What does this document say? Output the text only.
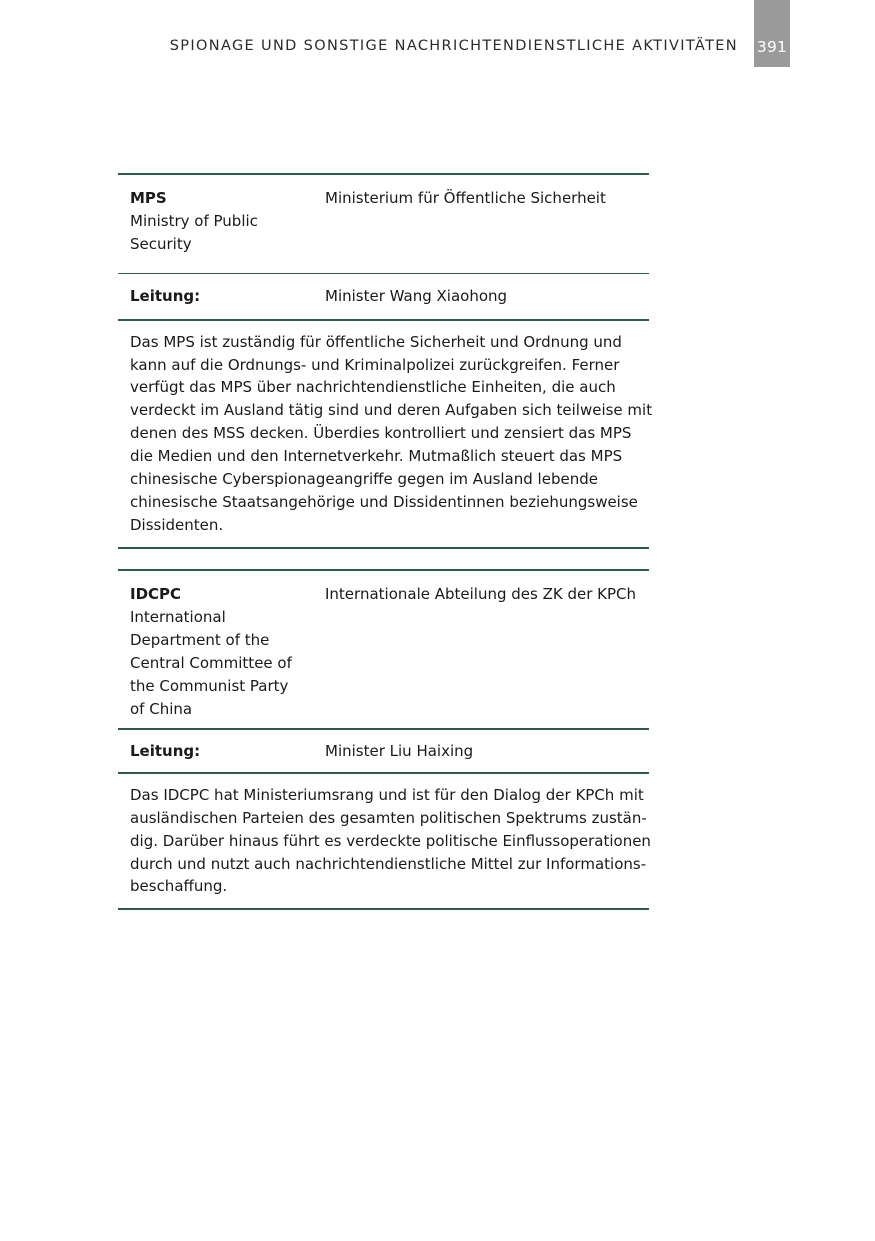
SPIONAGE UND SONSTIGE NACHRICHTENDIENSTLICHE AKTIVITÄTEN 391
MPS
Ministry of Public
Security
Ministerium für Öffentliche Sicherheit
Leitung:	Minister Wang Xiaohong

Das MPS ist zuständig für öffentliche Sicherheit und Ordnung und
kann auf die Ordnungs- und Kriminalpolizei zurückgreifen. Ferner
verfügt das MPS über nachrichtendienstliche Einheiten, die auch
verdeckt im Ausland tätig sind und deren Aufgaben sich teilweise mit
denen des MSS decken. Überdies kontrolliert und zensiert das MPS
die Medien und den Internetverkehr. Mutmaßlich steuert das MPS
chinesische Cyberspionageangriffe gegen im Ausland lebende
chinesische Staatsangehörige und Dissidentinnen beziehungsweise
Dissidenten.

IDCPC
International
Department of the
Central Committee of
the Communist Party
of China
Internationale Abteilung des ZK der KPCh
Leitung:	Minister Liu Haixing

Das IDCPC hat Ministeriumsrang und ist für den Dialog der KPCh mit
ausländischen Parteien des gesamten politischen Spektrums zustän-
dig. Darüber hinaus führt es verdeckte politische Einflussoperationen
durch und nutzt auch nachrichtendienstliche Mittel zur Informations-
beschaffung.
